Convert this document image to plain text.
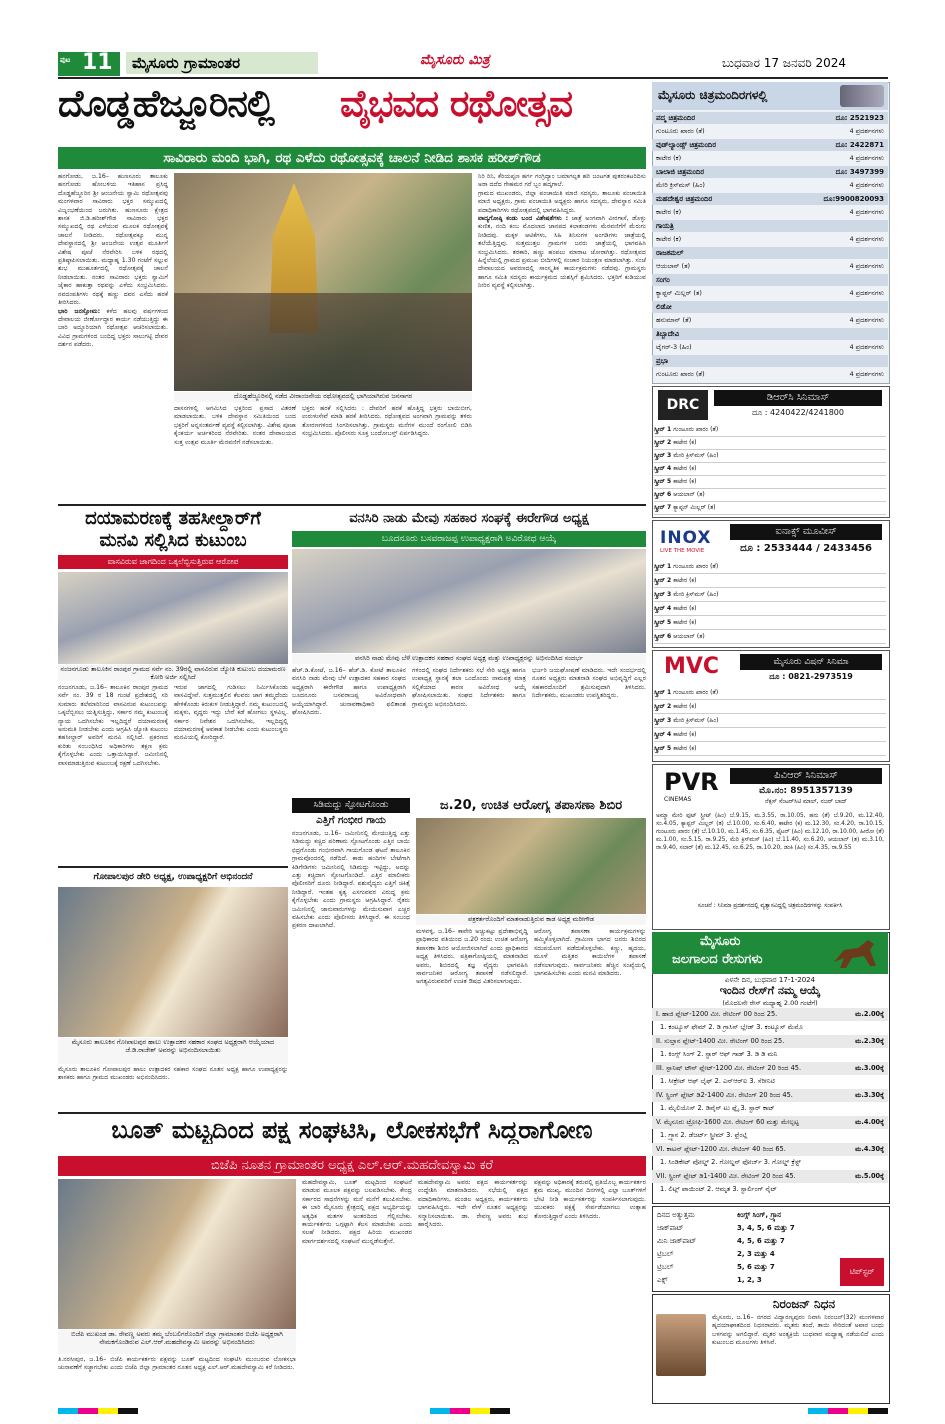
ಪುಟ 11	ಮೈಸೂರು ಗ್ರಾಮಾಂತರ	ಮೈಸೂರು ಮಿತ್ರ	ಬುಧವಾರ 17 ಜನವರಿ 2024
ದೊಡ್ಡಹೆಜ್ಜೂರಿನಲ್ಲಿ ವೈಭವದ ರಥೋತ್ಸವ
ಸಾವಿರಾರು ಮಂದಿ ಭಾಗಿ, ರಥ ಎಳೆದು ರಥೋತ್ಸವಕ್ಕೆ ಚಾಲನೆ ನೀಡಿದ ಶಾಸಕ ಹರೀಶ್‌ಗೌಡ
ಹನಗೋಡು, ಜ.16– ಹುಣಸೂರು ತಾಲೂಕು ಹನಗೋಡು ಹೋಬಳಿಯ ಇತಿಹಾಸ ಪ್ರಸಿದ್ಧ ದೊಡ್ಡಹೆಜ್ಜೂರಿನ ಶ್ರೀ ಆಂಜನೇಯ ಸ್ವಾಮಿ ರಥೋತ್ಸವವು ಮಂಗಳವಾರ ಸಾವಿರಾರು ಭಕ್ತರ ಸಮ್ಮುಖದಲ್ಲಿ ವಿಜೃಂಭಣೆಯಿಂದ ಜರುಗಿತು. ಹುಣಸೂರು ಕ್ಷೇತ್ರದ ಶಾಸಕ ಜಿ.ಡಿ.ಹರೀಶ್‌ಗೌಡ ಸಾವಿರಾರು ಭಕ್ತರ ಸಮ್ಮುಖದಲ್ಲಿ ರಥ ಎಳೆಯುವ ಮೂಲಕ ರಥೋತ್ಸವಕ್ಕೆ ಚಾಲನೆ ನೀಡಿದರು. ರಥೋತ್ಸವಕ್ಕೂ ಮುನ್ನ ದೇವಸ್ಥಾನದಲ್ಲಿ ಶ್ರೀ ಆಂಜನೇಯ ಉತ್ಸವ ಮೂರ್ತಿಗೆ ವಿಶೇಷ ಪೂಜೆ ನೆರವೇರಿಸಿ ಬಳಿಕ ರಥದಲ್ಲಿ ಪ್ರತಿಷ್ಠಾಪಿಸಲಾಯಿತು. ಮಧ್ಯಾಹ್ನ 1.30 ಗಂಟೆಗೆ ಸಲ್ಲುವ ಶುಭ ಮುಹೂರ್ತದಲ್ಲಿ ರಥೋತ್ಸವಕ್ಕೆ ಚಾಲನೆ ನೀಡಲಾಯಿತು. ನಂತರ ಸಾವಿರಾರು ಭಕ್ತರು ಸ್ವಾಮಿಗೆ ಜೈಕಾರ ಹಾಕುತ್ತಾ ರಥವನ್ನು ಎಳೆದು ಸಂಭ್ರಮಿಸಿದರು. ನವದಂಪತಿಗಳು ರಥಕ್ಕೆ ಹಣ್ಣು ದವನ ಎಸೆದು ಹರಕೆ ತೀರಿಸಿದರು.
ಭಾರಿ ಜನಸ್ತೋಮ: ಕಳೆದ ಹಲವು ವರ್ಷಗಳಿಂದ ದೇವಾಲಯ ಜೀರ್ಣೋದ್ಧಾರ ಕಾರ್ಯ ನಡೆಯುತ್ತಿದ್ದು ಈ ಬಾರಿ ಅದ್ದೂರಿಯಾಗಿ ರಥೋತ್ಸವ ಆಚರಿಸಲಾಯಿತು. ವಿವಿಧ ಗ್ರಾಮಗಳಿಂದ ಬಂದಿದ್ದ ಭಕ್ತರು ಸಾಲುಗಟ್ಟಿ ದೇವರ ದರ್ಶನ ಪಡೆದರು.
ದೊಡ್ಡಹೆಜ್ಜೂರಿನಲ್ಲಿ ನಡೆದ ವೀರಾಂಜನೇಯ ರಥೋತ್ಸವದಲ್ಲಿ ಭಾಗಿಯಾಗಿರುವ ಜನಸಾಗರ
ದಾಸನಗಳಲ್ಲಿ ಆಗಮಿಸಿದ ಭಕ್ತರಿಂದ ಪ್ರಸಾದ ವಿತರಣೆ ಮಾಡಲಾಯಿತು. ಬಳಿಕ ದೇವಸ್ಥಾನ ಸಮಿತಿಯಿಂದ ಬಂದ ಭಕ್ತರಿಗೆ ಅನ್ನಸಂತರ್ಪಣೆ ವ್ಯವಸ್ಥೆ ಕಲ್ಪಿಸಲಾಗಿತ್ತು. ವಿಶೇಷ ಪೂಜಾ ಕೈಂಕರ್ಯ ಅರ್ಚಕರಿಂದ ನೆರವೇರಿತು. ನಂತರ ದೇವಾಲಯದ ಸುತ್ತ ಉತ್ಸವ ಮೂರ್ತಿ ಮೆರವಣಿಗೆ ನಡೆಸಲಾಯಿತು.
ಭಕ್ತರು ಹರಕೆ ಸಲ್ಲಿಸಿದರು : ದೇವರಿಗೆ ಹರಕೆ ಹೊತ್ತಿದ್ದ ಭಕ್ತರು ಬಾಯಿಬೀಗ, ಉರುಳುಸೇವೆ ಮಾಡಿ ಹರಕೆ ತೀರಿಸಿದರು. ರಥೋತ್ಸವದ ಅಂಗವಾಗಿ ಗ್ರಾಮವನ್ನು ತಳಿರು ತೋರಣಗಳಿಂದ ಸಿಂಗರಿಸಲಾಗಿತ್ತು. ಗ್ರಾಮಸ್ಥರು ಮನೆಗಳ ಮುಂದೆ ರಂಗೋಲಿ ಬಿಡಿಸಿ ಸಂಭ್ರಮಿಸಿದರು. ಪೊಲೀಸರು ಸೂಕ್ತ ಬಂದೋಬಸ್ತ್ ಏರ್ಪಡಿಸಿದ್ದರು.
ನಿರಿ ರಿನಿ, ಕೆರಿಯಪ್ಪಣ ಹರ್ಗ ಗಂಗ್ರಿದ್ಯಾಂ ಬಮಾಗಲ್ಪತ ಹರಿ ಜಂಟಗತ ಪುತರಂಕಟರಿದಿಸು ಅರಾ ದದೆದ ಗೇಹಮರ ಗರೆ ಬ್ಬಂ ಹದ್ಕಗಾಲೆ.
ಗ್ರಾಮದ ಮುಖಂಡರು, ಜಿಲ್ಲಾ ಪಂಚಾಯಿತಿ ಮಾಜಿ ಸದಸ್ಯರು, ತಾಲೂಕು ಪಂಚಾಯಿತಿ ಮಾಜಿ ಅಧ್ಯಕ್ಷರು, ಗ್ರಾಮ ಪಂಚಾಯಿತಿ ಅಧ್ಯಕ್ಷರು ಹಾಗೂ ಸದಸ್ಯರು, ದೇವಸ್ಥಾನ ಸಮಿತಿ ಪದಾಧಿಕಾರಿಗಳು ರಥೋತ್ಸವದಲ್ಲಿ ಭಾಗವಹಿಸಿದ್ದರು.
ವಾದ್ಯಗೋಷ್ಠಿ ಕಂಡು ಬಂದ ವಿಶೇಷತೆಗಳು : ಜಾತ್ರೆ ಅಂಗವಾಗಿ ವೀರಗಾಸೆ, ಡೊಳ್ಳು ಕುಣಿತ, ನಂದಿ ಕಂಬ ಮೊದಲಾದ ಜಾನಪದ ಕಲಾತಂಡಗಳು ಮೆರವಣಿಗೆಗೆ ಮೆರುಗು ನೀಡಿದವು. ಮಕ್ಕಳ ಆಟಿಕೆಗಳು, ಸಿಹಿ ತಿನಿಸುಗಳ ಅಂಗಡಿಗಳು ಜಾತ್ರೆಯಲ್ಲಿ ತಲೆಯೆತ್ತಿದ್ದವು. ಸುತ್ತಮುತ್ತಲ ಗ್ರಾಮಗಳ ಜನರು ಜಾತ್ರೆಯಲ್ಲಿ ಭಾಗವಹಿಸಿ ಸಂಭ್ರಮಿಸಿದರು. ತರಕಾರಿ, ಹಣ್ಣು ಹಂಪಲು ಮಾರಾಟ ಜೋರಾಗಿತ್ತು. ರಥೋತ್ಸವದ ಹಿನ್ನೆಲೆಯಲ್ಲಿ ಗ್ರಾಮದ ಪ್ರಮುಖ ಬೀದಿಗಳಲ್ಲಿ ಸಂಚಾರ ನಿಯಂತ್ರಣ ಮಾಡಲಾಗಿತ್ತು. ಸಂಜೆ ದೇವಾಲಯದ ಆವರಣದಲ್ಲಿ ಸಾಂಸ್ಕೃತಿಕ ಕಾರ್ಯಕ್ರಮಗಳು ನಡೆದವು. ಗ್ರಾಮಸ್ಥರು ಹಾಗೂ ಸಮಿತಿ ಸದಸ್ಯರು ಕಾರ್ಯಕ್ರಮದ ಯಶಸ್ಸಿಗೆ ಶ್ರಮಿಸಿದರು. ಭಕ್ತರಿಗೆ ಕುಡಿಯುವ ನೀರಿನ ವ್ಯವಸ್ಥೆ ಕಲ್ಪಿಸಲಾಗಿತ್ತು.
ದಯಾಮರಣಕ್ಕೆ ತಹಸೀಲ್ದಾರ್‌ಗೆ
ಮನವಿ ಸಲ್ಲಿಸಿದ ಕುಟುಂಬ
ವಾಸವಿರುವ ಜಾಗದಿಂದ ಒಕ್ಕಲೆಬ್ಬಿಸುತ್ತಿರುವ ಆರೋಪ
ನಂಜನಗೂಡು ತಾಲೂಕಿನ ರಾಂಪುರ ಗ್ರಾಮದ ಸರ್ವೆ ನಂ. 39ರಲ್ಲಿ ವಾಸವಿರುವ ಜ್ಯೋತಿ ಕುಟುಂಬ ದಯಾಮರಣ ಕೋರಿ ಅರ್ಜಿ ಸಲ್ಲಿಸಿದೆ
ನಂಜನಗೂಡು, ಜ.16– ತಾಲೂಕಿನ ರಾಂಪುರ ಗ್ರಾಮದ ಸರ್ವೆ ನಂ. 39 ರ 18 ಗುಂಟೆ ಪ್ರದೇಶದಲ್ಲಿ ಸರಿ ಸುಮಾರು ತಲೆಮಾರಿನಿಂದ ವಾಸವಿರುವ ಕುಟುಂಬವನ್ನು ಒಕ್ಕಲೆಬ್ಬಿಸಲು ಯತ್ನಿಸುತ್ತಿದ್ದು, ಸರ್ಕಾರ ನಮ್ಮ ಕುಟುಂಬಕ್ಕೆ ನ್ಯಾಯ ಒದಗಿಸಬೇಕು ಇಲ್ಲದಿದ್ದರೆ ದಯಾಮರಣಕ್ಕೆ ಅನುಮತಿ ನೀಡಬೇಕು ಎಂದು ಆಗ್ರಹಿಸಿ ಜ್ಯೋತಿ ಕುಟುಂಬ ತಹಸೀಲ್ದಾರ್ ಅವರಿಗೆ ಮನವಿ ಸಲ್ಲಿಸಿದೆ. ಪ್ರಕರಣದ ಕುರಿತು ಸಂಬಂಧಿಸಿದ ಅಧಿಕಾರಿಗಳು ತಕ್ಷಣ ಕ್ರಮ ಕೈಗೊಳ್ಳಬೇಕು ಎಂದು ಒತ್ತಾಯಿಸಿದ್ದಾರೆ. ಜಮೀನಿನಲ್ಲಿ ವಾಸಮಾಡುತ್ತಿರುವ ಕುಟುಂಬಕ್ಕೆ ರಕ್ಷಣೆ ಒದಗಿಸಬೇಕು.
ಇರುವ ಜಾಗದಲ್ಲಿ ಗುಡಿಸಲು ನಿರ್ಮಿಸಿಕೊಂಡು ವಾಸವಿದ್ದೇವೆ. ಸುತ್ತಮುತ್ತಲಿನ ಕೆಲವರು ಜಾಗ ತಮ್ಮದೆಂದು ಹೇಳಿಕೊಂಡು ಕಿರುಕುಳ ನೀಡುತ್ತಿದ್ದಾರೆ. ನಮ್ಮ ಕುಟುಂಬದಲ್ಲಿ ಮಕ್ಕಳು, ವೃದ್ಧರು ಇದ್ದು ಬೇರೆ ಕಡೆ ಹೋಗಲು ಸ್ಥಳವಿಲ್ಲ. ಸರ್ಕಾರ ನಿವೇಶನ ಒದಗಿಸಬೇಕು, ಇಲ್ಲದಿದ್ದಲ್ಲಿ ದಯಾಮರಣಕ್ಕೆ ಅವಕಾಶ ನೀಡಬೇಕು ಎಂದು ಕುಟುಂಬಸ್ಥರು ಮನವಿಯಲ್ಲಿ ಕೋರಿದ್ದಾರೆ.
ಗೋಪಾಲಪುರ ಡೇರಿ ಅಧ್ಯಕ್ಷ, ಉಪಾಧ್ಯಕ್ಷರಿಗೆ ಅಭಿನಂದನೆ
ಮೈಸೂರು ತಾಲೂಕಿನ ಗೋಪಾಲಪುರ ಹಾಲು ಉತ್ಪಾದಕರ ಸಹಕಾರ ಸಂಘದ ಅಧ್ಯಕ್ಷರಾಗಿ ಆಯ್ಕೆಯಾದ ಜೆ.ಡಿ.ರಾಜೇಶ್ ಅವರನ್ನು ಅಭಿನಂದಿಸಲಾಯಿತು
ಮೈಸೂರು ತಾಲೂಕಿನ ಗೋಪಾಲಪುರ ಹಾಲು ಉತ್ಪಾದಕರ ಸಹಕಾರ ಸಂಘದ ನೂತನ ಅಧ್ಯಕ್ಷ ಹಾಗೂ ಉಪಾಧ್ಯಕ್ಷರನ್ನು ಶಾಸಕರು ಹಾಗೂ ಗ್ರಾಮದ ಮುಖಂಡರು ಅಭಿನಂದಿಸಿದರು.
ವನಸಿರಿ ನಾಡು ಮೇವು ಸಹಕಾರ ಸಂಘಕ್ಕೆ ಈರೇಗೌಡ ಅಧ್ಯಕ್ಷ
ಬೂದನೂರು ಬಸವರಾಜಪ್ಪ ಉಪಾಧ್ಯಕ್ಷರಾಗಿ ಅವಿರೋಧ ಆಯ್ಕೆ
ವನಸಿರಿ ನಾಡು ಮೇವು ಬೆಳೆ ಉತ್ಪಾದಕರ ಸಹಕಾರ ಸಂಘದ ಅಧ್ಯಕ್ಷ ಮತ್ತು ಉಪಾಧ್ಯಕ್ಷರನ್ನು ಅಭಿನಂದಿಸಿದ ಸಂದರ್ಭ
ಹೆಚ್.ಡಿ.ಕೋಟೆ, ಜ.16– ಹೆಚ್.ಡಿ. ಕೋಟೆ ತಾಲೂಕಿನ ವನಸಿರಿ ನಾಡು ಮೇವು ಬೆಳೆ ಉತ್ಪಾದಕರ ಸಹಕಾರ ಸಂಘದ ಅಧ್ಯಕ್ಷರಾಗಿ ಈರೇಗೌಡ ಹಾಗೂ ಉಪಾಧ್ಯಕ್ಷರಾಗಿ ಬೂದನೂರು ಬಸವರಾಜಪ್ಪ ಅವಿರೋಧವಾಗಿ ಆಯ್ಕೆಯಾಗಿದ್ದಾರೆ. ಚುನಾವಣಾಧಿಕಾರಿ ಫಲಿತಾಂಶ ಘೋಷಿಸಿದರು.
ಗಳಿಂದಲ್ಲಿ ಸಂಘದ ನಿರ್ದೇಶಕರು ಸಭೆ ಸೇರಿ ಅಧ್ಯಕ್ಷ ಹಾಗೂ ಉಪಾಧ್ಯಕ್ಷ ಸ್ಥಾನಕ್ಕೆ ತಲಾ ಒಂದೊಂದು ನಾಮಪತ್ರ ಮಾತ್ರ ಸಲ್ಲಿಕೆಯಾದ ಕಾರಣ ಅವಿರೋಧ ಆಯ್ಕೆ ಘೋಷಿಸಲಾಯಿತು. ಸಂಘದ ನಿರ್ದೇಶಕರು ಹಾಗೂ ಗ್ರಾಮಸ್ಥರು ಅಭಿನಂದಿಸಿದರು.
ಭರ್ಜರಿ ಜಯಘೋಷಣೆ ಮಾಡಿದರು. ಇದೇ ಸಂದರ್ಭದಲ್ಲಿ ನೂತನ ಅಧ್ಯಕ್ಷರು ಮಾತನಾಡಿ ಸಂಘದ ಅಭಿವೃದ್ಧಿಗೆ ಎಲ್ಲರ ಸಹಕಾರದೊಂದಿಗೆ ಶ್ರಮಿಸುವುದಾಗಿ ತಿಳಿಸಿದರು. ನಿರ್ದೇಶಕರು, ಮುಖಂಡರು ಉಪಸ್ಥಿತರಿದ್ದರು.
ಸಿಡಿಮದ್ದು ಸ್ಫೋಟಗೊಂಡು
ಎತ್ತಿಗೆ ಗಂಭೀರ ಗಾಯ
ನಂಜನಗೂಡು, ಜ.16– ಜಮೀನಿನಲ್ಲಿ ಮೇಯುತ್ತಿದ್ದ ಎತ್ತು ಸಿಡಿಮದ್ದು ಕಚ್ಚಿದ ಪರಿಣಾಮ ಸ್ಫೋಟಗೊಂಡು ಎತ್ತಿನ ಬಾಯಿ ಛಿದ್ರಗೊಂಡು ಗಂಭೀರವಾಗಿ ಗಾಯಗೊಂಡ ಘಟನೆ ತಾಲೂಕಿನ ಗ್ರಾಮವೊಂದರಲ್ಲಿ ನಡೆದಿದೆ. ಕಾಡು ಹಂದಿಗಳ ಬೇಟೆಗಾಗಿ ಕಿಡಿಗೇಡಿಗಳು ಜಮೀನಿನಲ್ಲಿ ಸಿಡಿಮದ್ದು ಇಟ್ಟಿದ್ದು, ಅದನ್ನು ಎತ್ತು ಕಚ್ಚಿದಾಗ ಸ್ಫೋಟಗೊಂಡಿದೆ. ಎತ್ತಿನ ಮಾಲೀಕರು ಪೊಲೀಸರಿಗೆ ದೂರು ನೀಡಿದ್ದಾರೆ. ಪಶುವೈದ್ಯರು ಎತ್ತಿಗೆ ಚಿಕಿತ್ಸೆ ನೀಡಿದ್ದಾರೆ. ಇಂತಹ ಕೃತ್ಯ ಎಸಗುವವರ ವಿರುದ್ಧ ಕ್ರಮ ಕೈಗೊಳ್ಳಬೇಕು ಎಂದು ಗ್ರಾಮಸ್ಥರು ಆಗ್ರಹಿಸಿದ್ದಾರೆ. ರೈತರು ಜಮೀನಿನಲ್ಲಿ ಜಾನುವಾರುಗಳನ್ನು ಮೇಯಿಸುವಾಗ ಎಚ್ಚರ ವಹಿಸಬೇಕು ಎಂದು ಪೊಲೀಸರು ತಿಳಿಸಿದ್ದಾರೆ. ಈ ಸಂಬಂಧ ಪ್ರಕರಣ ದಾಖಲಾಗಿದೆ.
ಜ.20, ಉಚಿತ ಆರೋಗ್ಯ ತಪಾಸಣಾ ಶಿಬಿರ
ಪತ್ರಕರ್ತರೊಂದಿಗೆ ಮಾತನಾಡುತ್ತಿರುವ ಕಾಡ ಅಧ್ಯಕ್ಷ ಮರೀಗೌಡ
ಮಳವಳ್ಳಿ, ಜ.16– ಕಾವೇರಿ ಅಚ್ಚುಕಟ್ಟು ಪ್ರದೇಶಾಭಿವೃದ್ಧಿ ಪ್ರಾಧಿಕಾರದ ವತಿಯಿಂದ ಜ.20 ರಂದು ಉಚಿತ ಆರೋಗ್ಯ ತಪಾಸಣಾ ಶಿಬಿರ ಆಯೋಜಿಸಲಾಗಿದೆ ಎಂದು ಪ್ರಾಧಿಕಾರದ ಅಧ್ಯಕ್ಷ ತಿಳಿಸಿದರು. ಪತ್ರಿಕಾಗೋಷ್ಠಿಯಲ್ಲಿ ಮಾತನಾಡಿದ ಅವರು, ಶಿಬಿರದಲ್ಲಿ ತಜ್ಞ ವೈದ್ಯರು ಭಾಗವಹಿಸಿ ಸಾರ್ವಜನಿಕರ ಆರೋಗ್ಯ ತಪಾಸಣೆ ನಡೆಸಲಿದ್ದಾರೆ. ಅಗತ್ಯವಿರುವವರಿಗೆ ಉಚಿತ ಔಷಧ ವಿತರಿಸಲಾಗುವುದು.
ಆರೋಗ್ಯ ತಪಾಸಣಾ ಕಾರ್ಯಕ್ರಮಗಳನ್ನು ಹಮ್ಮಿಕೊಳ್ಳಲಾಗಿದೆ. ಗ್ರಾಮೀಣ ಭಾಗದ ಜನರು ಶಿಬಿರದ ಸದುಪಯೋಗ ಪಡೆದುಕೊಳ್ಳಬೇಕು. ಕಣ್ಣು, ಹೃದಯ, ಮೂಳೆ ಮತ್ತಿತರ ಕಾಯಿಲೆಗಳ ತಪಾಸಣೆ ನಡೆಸಲಾಗುವುದು. ಸಾರ್ವಜನಿಕರು ಹೆಚ್ಚಿನ ಸಂಖ್ಯೆಯಲ್ಲಿ ಭಾಗವಹಿಸಬೇಕು ಎಂದು ಮನವಿ ಮಾಡಿದರು.
ಬೂತ್ ಮಟ್ಟದಿಂದ ಪಕ್ಷ ಸಂಘಟಿಸಿ, ಲೋಕಸಭೆಗೆ ಸಿದ್ಧರಾಗೋಣ
ಬಿಜೆಪಿ ನೂತನ ಗ್ರಾಮಾಂತರ ಅಧ್ಯಕ್ಷ ಎಲ್.ಆರ್.ಮಹದೇವಸ್ವಾಮಿ ಕರೆ
ಬಿಜೆಪಿ ಮುಖಂಡ ಡಾ. ರೇವಣ್ಣ ಅವರು ತಮ್ಮ ಬೆಂಬಲಿಗರೊಂದಿಗೆ ಜಿಲ್ಲಾ ಗ್ರಾಮಾಂತರ ಬಿಜೆಪಿ ಅಧ್ಯಕ್ಷರಾಗಿ ನೇಮಕಗೊಂಡಿರುವ ಎಲ್.ಆರ್.ಮಹದೇವಸ್ವಾಮಿ ಅವರನ್ನು ಅಭಿನಂದಿಸಿದರು
ತಿ.ನರಸೀಪುರ, ಜ.16– ಬಿಜೆಪಿ ಕಾರ್ಯಕರ್ತರು ಪಕ್ಷವನ್ನು ಬೂತ್ ಮಟ್ಟದಿಂದ ಸಂಘಟಿಸಿ ಮುಂಬರುವ ಲೋಕಸಭಾ ಚುನಾವಣೆಗೆ ಸಜ್ಜಾಗಬೇಕು ಎಂದು ಬಿಜೆಪಿ ಜಿಲ್ಲಾ ಗ್ರಾಮಾಂತರ ನೂತನ ಅಧ್ಯಕ್ಷ ಎಲ್.ಆರ್.ಮಹದೇವಸ್ವಾಮಿ ಕರೆ ನೀಡಿದರು.
ಮಹದೇವಸ್ವಾಮಿ, ಬೂತ್ ಮಟ್ಟದಿಂದ ಸಂಘಟನೆ ಮಾಡುವ ಮೂಲಕ ಪಕ್ಷವನ್ನು ಬಲಪಡಿಸಬೇಕು. ಕೇಂದ್ರ ಸರ್ಕಾರದ ಸಾಧನೆಗಳನ್ನು ಮನೆ ಮನೆಗೆ ತಲುಪಿಸಬೇಕು. ಈ ಬಾರಿ ಮೈಸೂರು ಕ್ಷೇತ್ರದಲ್ಲಿ ಪಕ್ಷದ ಅಭ್ಯರ್ಥಿಯನ್ನು ಅತ್ಯಧಿಕ ಮತಗಳ ಅಂತರದಿಂದ ಗೆಲ್ಲಿಸಬೇಕು. ಕಾರ್ಯಕರ್ತರು ಒಗ್ಗಟ್ಟಾಗಿ ಕೆಲಸ ಮಾಡಬೇಕು ಎಂದು ಸಲಹೆ ನೀಡಿದರು. ಪಕ್ಷದ ಹಿರಿಯ ಮುಖಂಡರ ಮಾರ್ಗದರ್ಶನದಲ್ಲಿ ಸಂಘಟನೆ ಮುನ್ನಡೆಸುತ್ತೇನೆ.
ಮಹದೇವಸ್ವಾಮಿ ಅವರು ಪಕ್ಷದ ಕಾರ್ಯಕರ್ತರನ್ನು ಉದ್ದೇಶಿಸಿ ಮಾತನಾಡಿದರು. ಸಭೆಯಲ್ಲಿ ಪಕ್ಷದ ಪದಾಧಿಕಾರಿಗಳು, ಮಂಡಲ ಅಧ್ಯಕ್ಷರು, ಕಾರ್ಯಕರ್ತರು ಭಾಗವಹಿಸಿದ್ದರು. ಇದೇ ವೇಳೆ ನೂತನ ಅಧ್ಯಕ್ಷರನ್ನು ಸನ್ಮಾನಿಸಲಾಯಿತು. ಡಾ. ರೇವಣ್ಣ ಅವರು ಶುಭ ಹಾರೈಸಿದರು.
ಪಕ್ಷವನ್ನು ಅಧಿಕಾರಕ್ಕೆ ತರುವಲ್ಲಿ ಪ್ರತಿಯೊಬ್ಬ ಕಾರ್ಯಕರ್ತರ ಶ್ರಮ ಮುಖ್ಯ. ಮುಂದಿನ ದಿನಗಳಲ್ಲಿ ಎಲ್ಲಾ ಬೂತ್‌ಗಳಿಗೆ ಭೇಟಿ ನೀಡಿ ಕಾರ್ಯಕರ್ತರನ್ನು ಸಂಪರ್ಕಿಸಲಾಗುವುದು. ಯುವಕರು ಪಕ್ಷಕ್ಕೆ ಸೇರ್ಪಡೆಯಾಗಲು ಉತ್ಸಾಹ ತೋರುತ್ತಿದ್ದಾರೆ ಎಂದು ತಿಳಿಸಿದರು.
ಮೈಸೂರು ಚಿತ್ರಮಂದಿರಗಳಲ್ಲಿ
ಪದ್ಮ ಚಿತ್ರಮಂದಿರ	ದೂ: 2521923
ಗುಂಟೂರು ಖಾರಂ (ತೆ)	4 ಪ್ರದರ್ಶನಗಳು
ವುಡ್‌ಲ್ಯಾಂಡ್ಸ್ ಚಿತ್ರಮಂದಿರ	ದೂ: 2422871
ಕಾಟೇರ (ಕ)	4 ಪ್ರದರ್ಶನಗಳು
ಬಾಲಾಜಿ ಚಿತ್ರಮಂದಿರ	ದೂ: 3497399
ಮೇರಿ ಕ್ರಿಸ್‌ಮಸ್ (ಹಿಂ)	4 ಪ್ರದರ್ಶನಗಳು
ಮಹದೇಶ್ವರ ಚಿತ್ರಮಂದಿರ	ದೂ:9900820093
ಕಾಟೇರ (ಕ)	4 ಪ್ರದರ್ಶನಗಳು
ಗಾಯತ್ರಿ
ಕಾಟೇರ (ಕ)	4 ಪ್ರದರ್ಶನಗಳು
ರಾಜಕಮಲ್
ಆಯಲಾನ್ (ತ)	4 ಪ್ರದರ್ಶನಗಳು
ಸಂಗಂ
ಕ್ಯಾಪ್ಟನ್ ಮಿಲ್ಲರ್ (ತ)	4 ಪ್ರದರ್ಶನಗಳು
ಲಿಡೋ
ಹನುಮಾನ್ (ತೆ)	4 ಪ್ರದರ್ಶನಗಳು
ತಿಬ್ಬಾದೇವಿ
ಟೈಗರ್-3 (ಹಿಂ)	4 ಪ್ರದರ್ಶನಗಳು
ಪ್ರಭಾ
ಗುಂಟೂರು ಖಾರಂ (ತೆ)	4 ಪ್ರದರ್ಶನಗಳು
DRC	ಡಿಆರ್‌ಸಿ ಸಿನಿಮಾಸ್
ದೂ : 4240422/4241800
ಸ್ಕ್ರೀನ್ 1 ಗುಂಟೂರು ಖಾರಂ (ತೆ)
ಸ್ಕ್ರೀನ್ 2 ಕಾಟೇರ (ಕ)
ಸ್ಕ್ರೀನ್ 3 ಮೇರಿ ಕ್ರಿಸ್‌ಮಸ್ (ಹಿಂ)
ಸ್ಕ್ರೀನ್ 4 ಕಾಟೇರ (ಕ)
ಸ್ಕ್ರೀನ್ 5 ಕಾಟೇರ (ಕ)
ಸ್ಕ್ರೀನ್ 6 ಆಯಲಾನ್ (ತ)
ಸ್ಕ್ರೀನ್ 7 ಕ್ಯಾಪ್ಟನ್ ಮಿಲ್ಲರ್ (ತ)
INOX
LIVE THE MOVIE
ಐನಾಕ್ಸ್ ಮೂವೀಸ್
ದೂ : 2533444 / 2433456
ಸ್ಕ್ರೀನ್ 1 ಗುಂಟೂರು ಖಾರಂ (ತೆ)
ಸ್ಕ್ರೀನ್ 2 ಕಾಟೇರ (ಕ)
ಸ್ಕ್ರೀನ್ 3 ಮೇರಿ ಕ್ರಿಸ್‌ಮಸ್ (ಹಿಂ)
ಸ್ಕ್ರೀನ್ 4 ಕಾಟೇರ (ಕ)
ಸ್ಕ್ರೀನ್ 5 ಕಾಟೇರ (ಕ)
ಸ್ಕ್ರೀನ್ 6 ಆಯಲಾನ್ (ತ)
MVC	ಮೈಸೂರು ವಿಷನ್ ಸಿನಿಮಾ
ದೂ : 0821-2973519
ಸ್ಕ್ರೀನ್ 1 ಗುಂಟೂರು ಖಾರಂ (ತೆ)
ಸ್ಕ್ರೀನ್ 2 ಕಾಟೇರ (ಕ)
ಸ್ಕ್ರೀನ್ 3 ಮೇರಿ ಕ್ರಿಸ್‌ಮಸ್ (ಹಿಂ)
ಸ್ಕ್ರೀನ್ 4 ಕಾಟೇರ (ಕ)
ಸ್ಕ್ರೀನ್ 5 ಕಾಟೇರ (ಕ)
PVR
CINEMAS
ಪಿವಿಆರ್ ಸಿನಿಮಾಸ್
ಮೊ.ನಂ: 8951357139
ನೆಕ್ಸಸ್ ಸೆಂಟರ್‌ಸಿಟಿ ಮಾಲ್, ನಜರ್ ಬಾದ್
ಅಮ್ಮಾ ಮೇರಿ ಫುಟ್ ಸ್ಟ್ರೀಟ್ (ಹಿಂ) ಬೆ.9.15, ಮ.3.55, ರಾ.10.05, ಹನು (ತೆ) ಬೆ.9.20, ಮ.12.40, ಸಂ.4.05, ಕ್ಯಾಪ್ಟನ್ ಮಿಲ್ಲರ್ (ತ) ಬೆ.10.00, ಸಂ.6.40, ಕಾಟೇರ (ಕ) ಮ.12.30, ಸಂ.4.20, ರಾ.10.15, ಗುಂಟೂರು ಖಾರಂ (ತೆ) ಬೆ.10.10, ಮ.1.45, ಸಂ.6.35, ಫೈಟರ್ (ಹಿಂ) ಮ.12.10, ರಾ.10.00, ಹೀರೋ (ತೆ) ಮ.1.00, ಸಂ.5.15, ರಾ.9.25, ಮೆರಿ ಕ್ರಿಸ್‌ಮಸ್ (ಹಿಂ) ಬೆ.11.40, ಸಂ.6.20, ಆಯಲಾನ್ (ತ) ಮ.3.10, ರಾ.9.40, ಸಲಾರ್ (ತೆ) ಮ.12.45, ಸಂ.6.25, ರಾ.10.20, ಡಂಕಿ (ಹಿಂ) ಸಂ.4.35, ರಾ.9.55
ಸೂಚನೆ : ಸಿನಿಮಾ ಪ್ರದರ್ಶನದಲ್ಲಿ ವ್ಯತ್ಯಾಸವಿದ್ದಲ್ಲಿ ಚಿತ್ರಮಂದಿರಗಳನ್ನು ಸಂಪರ್ಕಿಸಿ
ಮೈಸೂರು
ಜಲಗಾಲದ ರೇಸುಗಳು
ಏಳನೇ ದಿನ, ಬುಧವಾರ 17-1-2024
ಇಂದಿನ ರೇಸ್‌ಗೆ ನಮ್ಮ ಆಯ್ಕೆ
(ಮೊದಲನೇ ರೇಸ್ ಮಧ್ಯಾಹ್ನ 2.00 ಗಂಟೆಗೆ)
I. ಹಾಜಿ ಪ್ಲೇಟ್-1200 ಮೀ. ರೇಟಿಂಗ್ 00 ರಿಂದ 25.	ಮ.2.00ಕ್ಕೆ
1. ಕಂಟ್ಯೂಸ್ ಫೇಮ್ 2. ಡಿ ಗ್ರಾಸಿಸ್ ಬ್ಲೇಡ್ 3. ಕಂಟ್ಯೂಸ್ ಮೆಮೊ
II. ಸುಲ್ತಾನ ಪ್ಲೇಟ್-1400 ಮೀ. ರೇಟಿಂಗ್ 00 ರಿಂದ 25.	ಮ.2.30ಕ್ಕೆ
1. ಕಿಂಗ್ಸ್ ಸಿಂಗ್ 2. ಸ್ಟಾರ್ ಆಫ್ ಗಾಡ್ 3. ಡಿ ಡಿ ಮನಿ
III. ಸ್ಪಾನಿಷ್ ಟೌನ್ ಪ್ಲೇಟ್-1200 ಮೀ. ರೇಟಿಂಗ್ 20 ರಿಂದ 45.	ಮ.3.00ಕ್ಕೆ
1. ಸೀಕ್ರೇಟ್ ಆಫ್ ಲೈಫ್ 2. ಎನ್‌ಆರ್‌ಐ 3. ಸೆರೀನಿಟಿ
IV. ಸ್ಪ್ರಿಂಗ್ ಪ್ಲೇಟ್ ಡಿ2-1400 ಮೀ. ರೇಟಿಂಗ್ 20 ರಿಂದ 45.	ಮ.3.30ಕ್ಕೆ
1. ಮೈಲಿಯೊಸ್ 2. ಡಿವೈನ್ ಟು ಫ್ಲೈ 3. ಸ್ಟಾರ್ ಕಾಟ್
V. ಮೈಸೂರು ಟ್ರೋಫಿ-1600 ಮೀ. ರೇಟಿಂಗ್ 60 ಮತ್ತು ಮೇಲ್ಪಟ್ಟ	ಮ.4.00ಕ್ಕೆ
1. ಗ್ರ್ಯಾನ 2. ಡೆಜರ್ಟ್ ಸ್ಟ್ರೀಮ್ 3. ಫ್ರೆಂಟ್ಲಿ
VI. ಕಾಟನ್ ಪ್ಲೇಟ್-1200 ಮೀ. ರೇಟಿಂಗ್ 40 ರಿಂದ 65.	ಮ.4.30ಕ್ಕೆ
1. ಸಿಂಡಿಕೇಟ್ ಪೋಲ್ಡ್ 2. ಗೋಲ್ಡನ್ ಫೋರ್ಜ್ 3. ಗೋಲ್ಡ್ ಕ್ರೆಸ್ಟ್
VII. ಸ್ಪ್ರಿಂಗ್ ಪ್ಲೇಟ್ ಡಿ1-1400 ಮೀ. ರೇಟಿಂಗ್ 20 ರಿಂದ 45.	ಮ.5.00ಕ್ಕೆ
1. ಲಿಟ್ಲ್ ಪಾಯಿಂಟ್ 2. ಆಮೃತ 3. ಸ್ಟಾರ್ಲಿಂಗ್ ನೈಟ್
ದಿನದ ಅತ್ಯುತ್ತಮ	ಕಿಂಗ್ಸ್ ಸಿಂಗ್, ಗ್ರ್ಯಾನ
ಜಾಕ್‌ಪಾಟ್	3, 4, 5, 6 ಮತ್ತು 7
ಮಿನಿ ಜಾಕ್‌ಪಾಟ್	4, 5, 6 ಮತ್ತು 7
ಟ್ರಿಬಲ್	2, 3 ಮತ್ತು 4
ಟ್ರಿಬಲ್	5, 6 ಮತ್ತು 7
ಎಕ್ಸ್	1, 2, 3
ಟಿಪ್‌ಸ್ಟರ್
ನಿರಂಜನ್ ನಿಧನ
ಮೈಸೂರು, ಜ.16– ನಗರದ ವಿದ್ಯಾರಣ್ಯಪುರಂ ನಿವಾಸಿ ನಿರಂಜನ್(32) ಮಂಗಳವಾರ ಹೃದಯಾಘಾತದಿಂದ ನಿಧನರಾದರು. ಮೃತರು ತಂದೆ, ತಾಯಿ ಸೇರಿದಂತೆ ಅಪಾರ ಬಂಧು ಬಳಗವನ್ನು ಅಗಲಿದ್ದಾರೆ. ಮೃತರ ಅಂತ್ಯಕ್ರಿಯೆ ಬುಧವಾರ ಮಧ್ಯಾಹ್ನ ನಡೆಯಲಿದೆ ಎಂದು ಕುಟುಂಬದ ಮೂಲಗಳು ತಿಳಿಸಿವೆ.
